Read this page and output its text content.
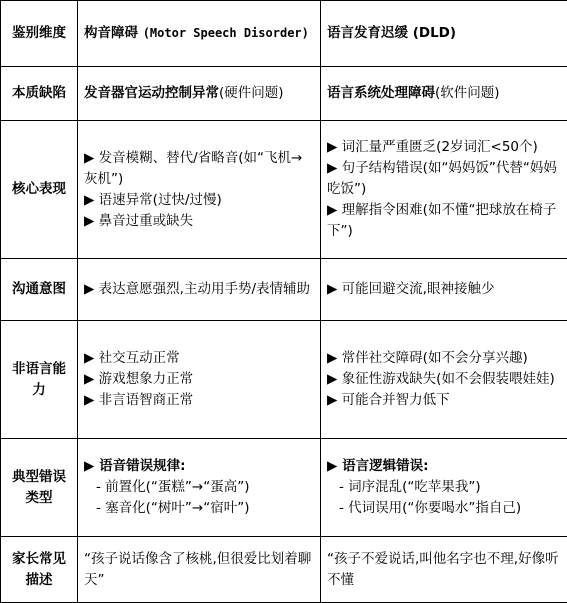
鉴别维度	构音障碍 (Motor Speech Disorder)	语言发育迟缓 (DLD)
本质缺陷	发音器官运动控制异常(硬件问题)	语言系统处理障碍(软件问题)
核心表现	▶ 发音模糊、替代/省略音(如“飞机→灰机”)
▶ 语速异常(过快/过慢)
▶ 鼻音过重或缺失	▶ 词汇量严重匮乏(2岁词汇<50个)
▶ 句子结构错误(如“妈妈饭”代替“妈妈吃饭”)
▶ 理解指令困难(如不懂“把球放在椅子下”)

沟通意图	▶ 表达意愿强烈,主动用手势/表情辅助	▶ 可能回避交流,眼神接触少

非语言能力	▶ 社交互动正常
▶ 游戏想象力正常
▶ 非言语智商正常	▶ 常伴社交障碍(如不会分享兴趣)
▶ 象征性游戏缺失(如不会假装喂娃娃)
▶ 可能合并智力低下

典型错误类型	▶ 语音错误规律:
- 前置化(“蛋糕”→“蛋高”)
- 塞音化(“树叶”→“宿叶”)	▶ 语言逻辑错误:
- 词序混乱(“吃苹果我”)
- 代词误用(“你要喝水”指自己)

家长常见描述	“孩子说话像含了核桃,但很爱比划着聊天”	“孩子不爱说话,叫他名字也不理,好像听不懂
